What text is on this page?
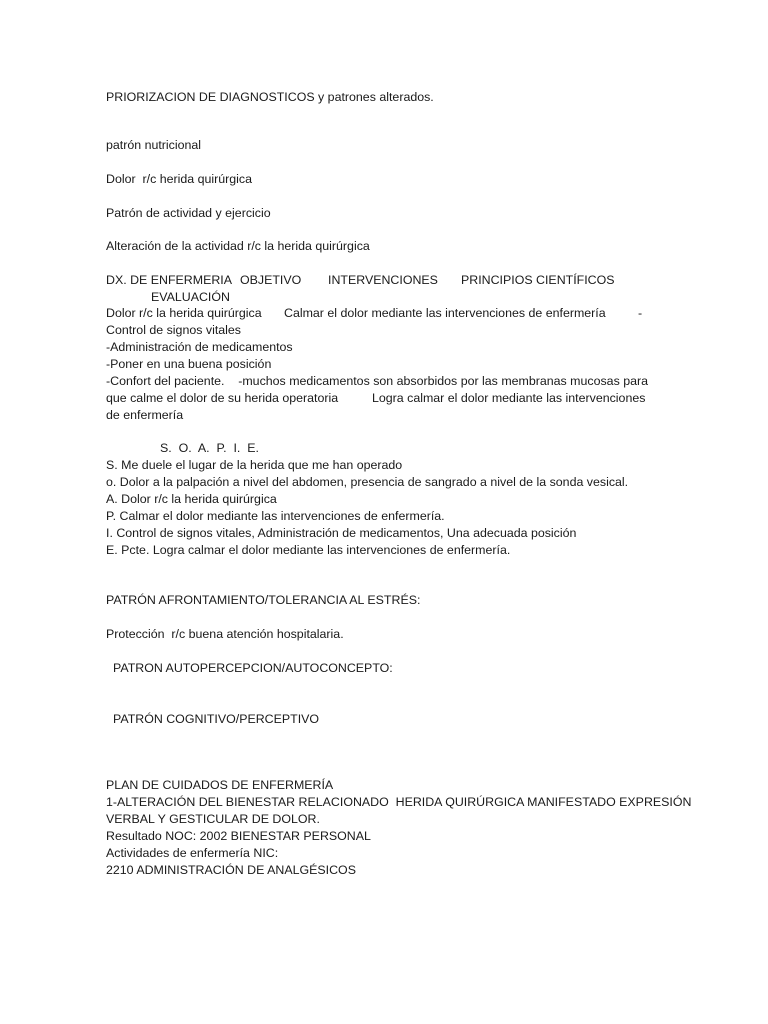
PRIORIZACION DE DIAGNOSTICOS y patrones alterados.

patrón nutricional

Dolor  r/c herida quirúrgica

Patrón de actividad y ejercicio

Alteración de la actividad r/c la herida quirúrgica

DX. DE ENFERMERIA OBJETIVO INTERVENCIONES PRINCIPIOS CIENTÍFICOS

EVALUACIÓN

Dolor r/c la herida quirúrgica Calmar el dolor mediante las intervenciones de enfermería	-

Control de signos vitales

-Administración de medicamentos

-Poner en una buena posición

-Confort del paciente.    -muchos medicamentos son absorbidos por las membranas mucosas para

que calme el dolor de su herida operatoria	Logra calmar el dolor mediante las intervenciones

de enfermería

S.  O.  A.  P.  I.  E.

S. Me duele el lugar de la herida que me han operado

o. Dolor a la palpación a nivel del abdomen, presencia de sangrado a nivel de la sonda vesical.

A. Dolor r/c la herida quirúrgica

P. Calmar el dolor mediante las intervenciones de enfermería.

I. Control de signos vitales, Administración de medicamentos, Una adecuada posición

E. Pcte. Logra calmar el dolor mediante las intervenciones de enfermería.

PATRÓN AFRONTAMIENTO/TOLERANCIA AL ESTRÉS:

Protección  r/c buena atención hospitalaria.

PATRON AUTOPERCEPCION/AUTOCONCEPTO:

PATRÓN COGNITIVO/PERCEPTIVO

PLAN DE CUIDADOS DE ENFERMERÍA

1-ALTERACIÓN DEL BIENESTAR RELACIONADO  HERIDA QUIRÚRGICA MANIFESTADO EXPRESIÓN

VERBAL Y GESTICULAR DE DOLOR.

Resultado NOC: 2002 BIENESTAR PERSONAL

Actividades de enfermería NIC:

2210 ADMINISTRACIÓN DE ANALGÉSICOS
